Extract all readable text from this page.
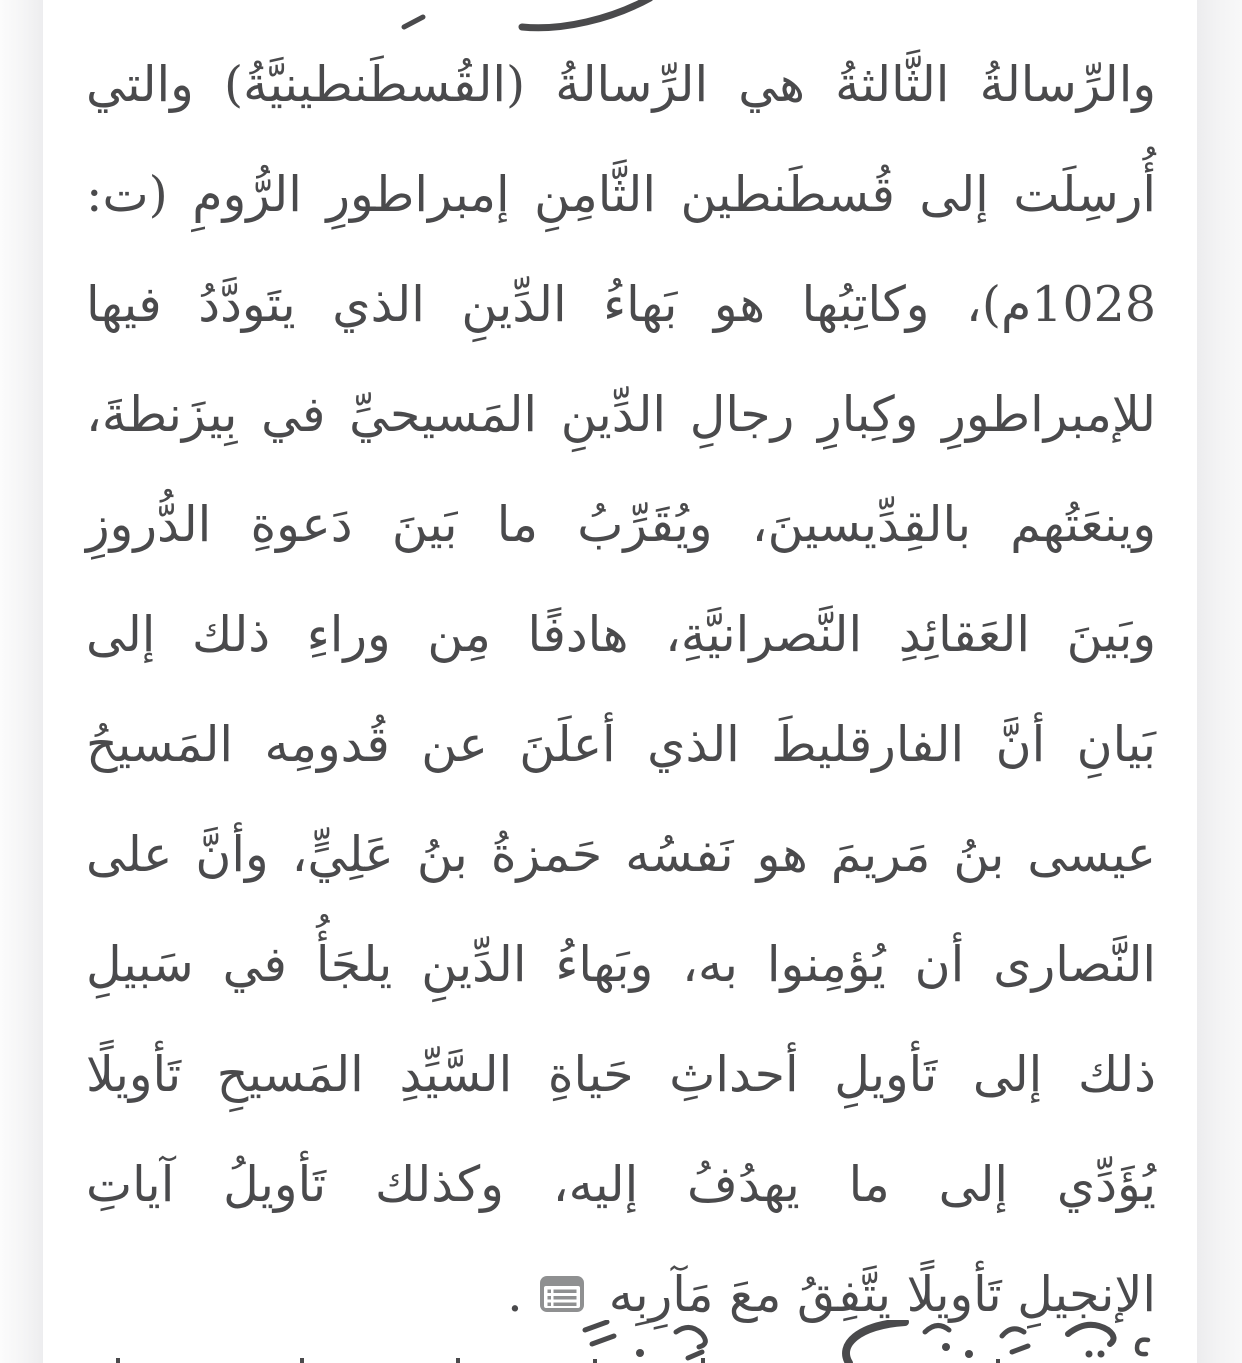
والرِّسالةُ الثَّالثةُ هي الرِّسالةُ (القُسطَنطينيَّةُ) والتي
أُرسِلَت إلى قُسطَنطين الثَّامِنِ إمبراطورِ الرُّومِ (ت:
1028م)، وكاتِبُها هو بَهاءُ الدِّينِ الذي يتَودَّدُ فيها
للإمبراطورِ وكِبارِ رجالِ الدِّينِ المَسيحيِّ في بِيزَنطةَ،
وينعَتُهم بالقِدِّيسينَ، ويُقَرِّبُ ما بَينَ دَعوةِ الدُّروزِ
وبَينَ العَقائِدِ النَّصرانيَّةِ، هادفًا مِن وراءِ ذلك إلى
بَيانِ أنَّ الفارقليطَ الذي أعلَنَ عن قُدومِه المَسيحُ
عيسى بنُ مَريمَ هو نَفسُه حَمزةُ بنُ عَلِيٍّ، وأنَّ على
النَّصارى أن يُؤمِنوا به، وبَهاءُ الدِّينِ يلجَأُ في سَبيلِ
ذلك إلى تَأويلِ أحداثِ حَياةِ السَّيِّدِ المَسيحِ تَأويلًا
يُؤَدِّي إلى ما يهدُفُ إليه، وكذلك تَأويلُ آياتِ
الإنجيلِ تَأويلًا يتَّفِقُ معَ مَآرِبِه.
